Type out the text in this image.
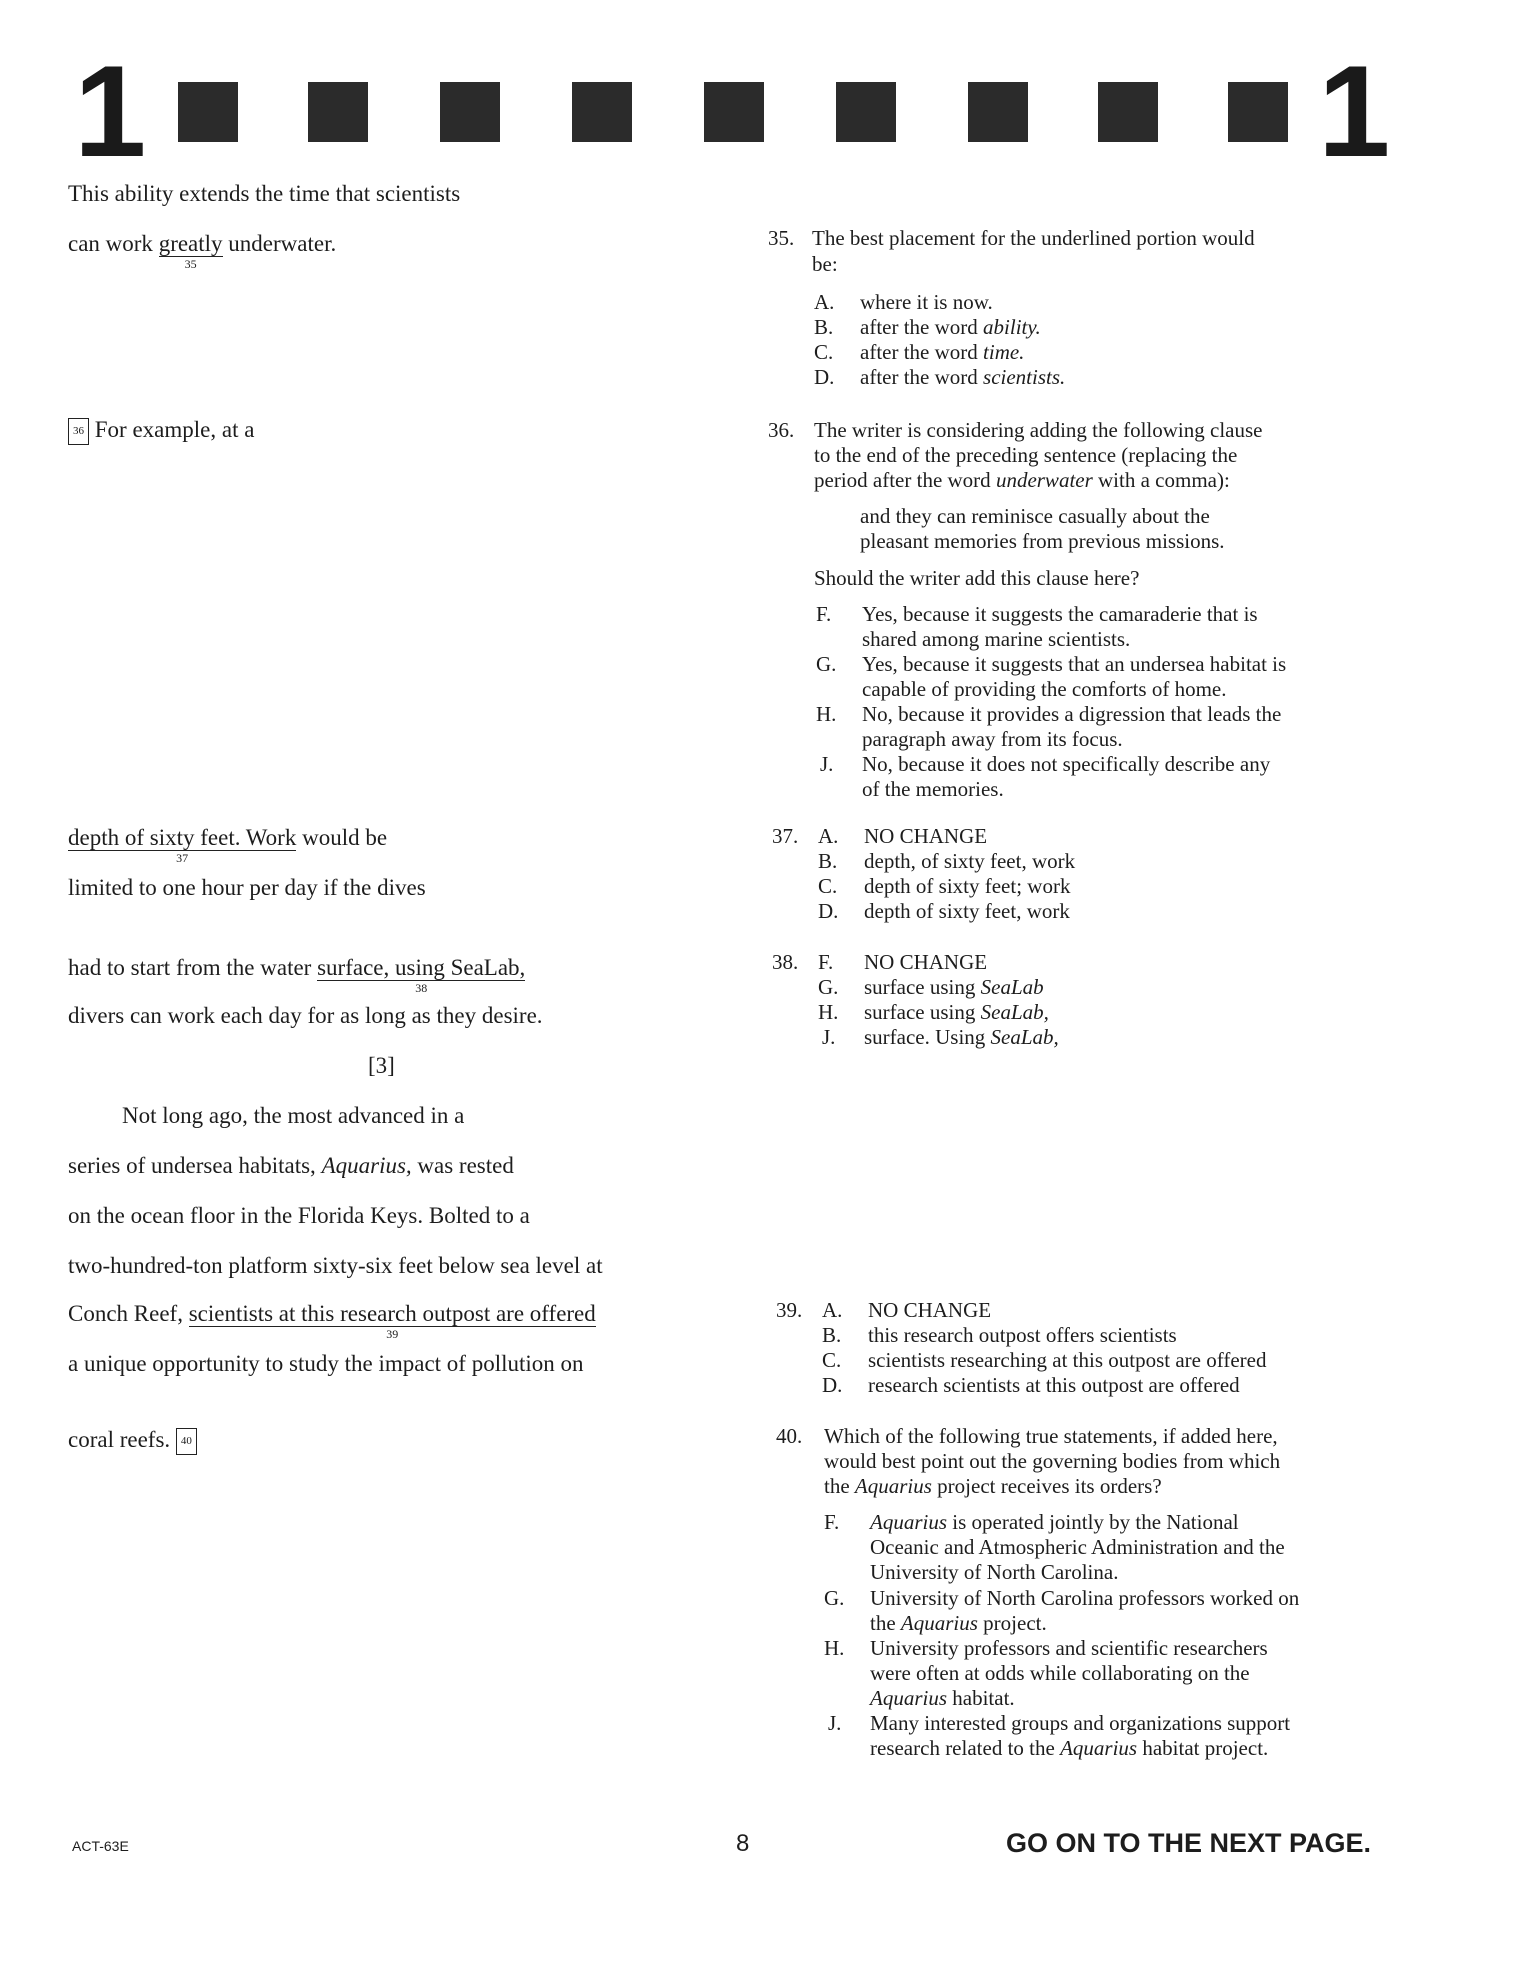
1	1
This ability extends the time that scientists
can work greatly
35
underwater.
36 For example, at a
depth of sixty feet. Work
37
would be
limited to one hour per day if the dives
had to start from the water surface, using SeaLab,
38
divers can work each day for as long as they desire.
[3]
Not long ago, the most advanced in a
series of undersea habitats, Aquarius, was rested
on the ocean floor in the Florida Keys. Bolted to a
two-hundred-ton platform sixty-six feet below sea level at
Conch Reef, scientists at this research outpost are offered
39
a unique opportunity to study the impact of pollution on
coral reefs. 40
35. The best placement for the underlined portion would
be:
A. where it is now.
B. after the word ability.
C. after the word time.
D. after the word scientists.
36. The writer is considering adding the following clause
to the end of the preceding sentence (replacing the
period after the word underwater with a comma):
and they can reminisce casually about the
pleasant memories from previous missions.
Should the writer add this clause here?
F. Yes, because it suggests the camaraderie that is
shared among marine scientists.
G. Yes, because it suggests that an undersea habitat is
capable of providing the comforts of home.
H. No, because it provides a digression that leads the
paragraph away from its focus.
J. No, because it does not specifically describe any
of the memories.
37. A. NO CHANGE
B. depth, of sixty feet, work
C. depth of sixty feet; work
D. depth of sixty feet, work
38. F. NO CHANGE
G. surface using SeaLab
H. surface using SeaLab,
J. surface. Using SeaLab,
39. A. NO CHANGE
B. this research outpost offers scientists
C. scientists researching at this outpost are offered
D. research scientists at this outpost are offered
40. Which of the following true statements, if added here,
would best point out the governing bodies from which
the Aquarius project receives its orders?
F. Aquarius is operated jointly by the National
Oceanic and Atmospheric Administration and the
University of North Carolina.
G. University of North Carolina professors worked on
the Aquarius project.
H. University professors and scientific researchers
were often at odds while collaborating on the
Aquarius habitat.
J. Many interested groups and organizations support
research related to the Aquarius habitat project.
ACT-63E	8	GO ON TO THE NEXT PAGE.
